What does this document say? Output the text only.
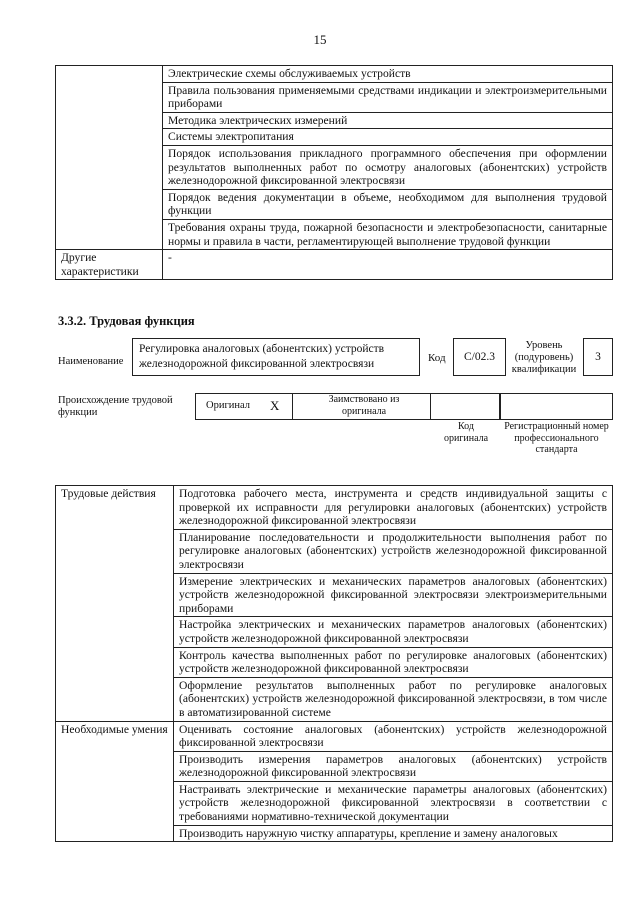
15
	Электрические схемы обслуживаемых устройств
	Правила пользования применяемыми средствами индикации и электроизмерительными приборами
	Методика электрических измерений
	Системы электропитания
	Порядок использования прикладного программного обеспечения при оформлении результатов выполненных работ по осмотру аналоговых (абонентских) устройств железнодорожной фиксированной электросвязи
	Порядок ведения документации в объеме, необходимом для выполнения трудовой функции
	Требования охраны труда, пожарной безопасности и электробезопасности, санитарные нормы и правила в части, регламентирующей выполнение трудовой функции
Другие характеристики	-
3.3.2. Трудовая функция
Наименование
Регулировка аналоговых (абонентских) устройств железнодорожной фиксированной электросвязи	Код	C/02.3
Уровень (подуровень) квалификации
3
Происхождение трудовой функции
Оригинал X	Заимствовано из оригинала
Код оригинала
Регистрационный номер профессионального стандарта
Трудовые действия	Подготовка рабочего места, инструмента и средств индивидуальной защиты с проверкой их исправности для регулировки аналоговых (абонентских) устройств железнодорожной фиксированной электросвязи
	Планирование последовательности и продолжительности выполнения работ по регулировке аналоговых (абонентских) устройств железнодорожной фиксированной электросвязи
	Измерение электрических и механических параметров аналоговых (абонентских) устройств железнодорожной фиксированной электросвязи электроизмерительными приборами
	Настройка электрических и механических параметров аналоговых (абонентских) устройств железнодорожной фиксированной электросвязи
	Контроль качества выполненных работ по регулировке аналоговых (абонентских) устройств железнодорожной фиксированной электросвязи
	Оформление результатов выполненных работ по регулировке аналоговых (абонентских) устройств железнодорожной фиксированной электросвязи, в том числе в автоматизированной системе
Необходимые умения	Оценивать состояние аналоговых (абонентских) устройств железнодорожной фиксированной электросвязи
	Производить измерения параметров аналоговых (абонентских) устройств железнодорожной фиксированной электросвязи
	Настраивать электрические и механические параметры аналоговых (абонентских) устройств железнодорожной фиксированной электросвязи в соответствии с требованиями нормативно-технической документации
	Производить наружную чистку аппаратуры, крепление и замену аналоговых
